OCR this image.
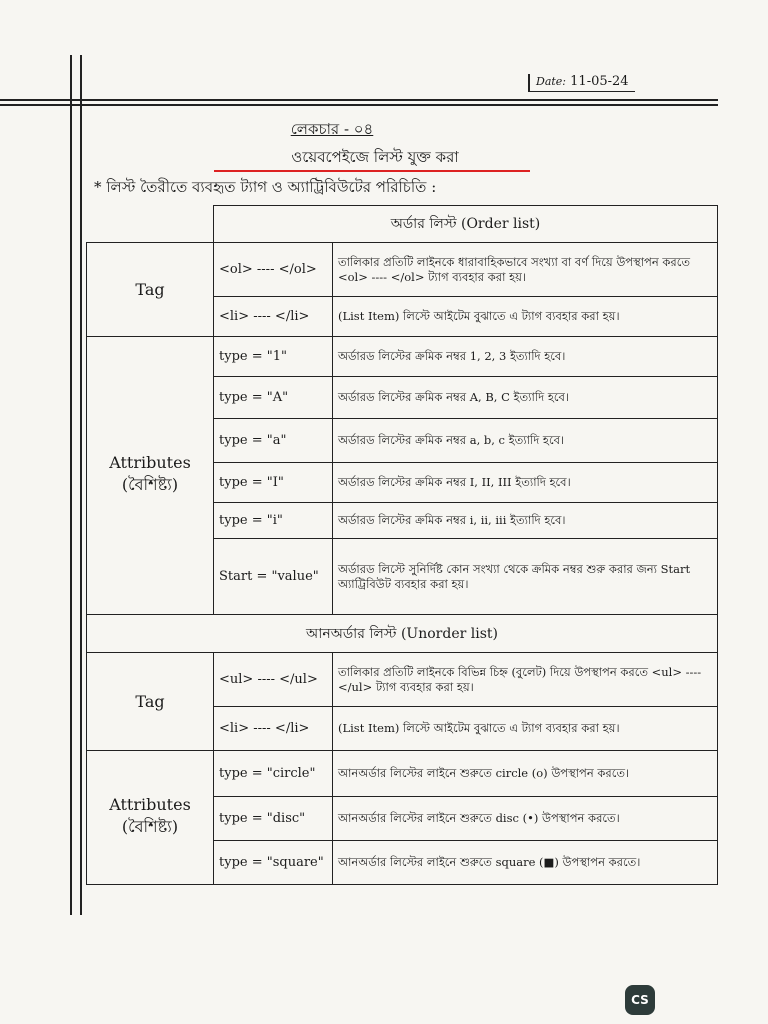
Date: 11-05-24
লেকচার - ০৪
ওয়েবপেইজে লিস্ট যুক্ত করা
* লিস্ট তৈরীতে ব্যবহৃত ট্যাগ ও অ্যাট্রিবিউটের পরিচিতি :
	অর্ডার লিস্ট (Order list)	
Tag	<ol> ---- </ol>	তালিকার প্রতিটি লাইনকে ধারাবাহিকভাবে সংখ্যা বা বর্ণ দিয়ে উপস্থাপন করতে <ol> ---- </ol> ট্যাগ ব্যবহার করা হয়।
	<li> ---- </li>	(List Item) লিস্টে আইটেম বুঝাতে এ ট্যাগ ব্যবহার করা হয়।
Attributes
(বৈশিষ্ট্য)	type = "1"	অর্ডারড লিস্টের ক্রমিক নম্বর 1, 2, 3 ইত্যাদি হবে।
	type = "A"	অর্ডারড লিস্টের ক্রমিক নম্বর A, B, C ইত্যাদি হবে।
	type = "a"	অর্ডারড লিস্টের ক্রমিক নম্বর a, b, c ইত্যাদি হবে।
	type = "I"	অর্ডারড লিস্টের ক্রমিক নম্বর I, II, III ইত্যাদি হবে।
	type = "i"	অর্ডারড লিস্টের ক্রমিক নম্বর i, ii, iii ইত্যাদি হবে।
	Start = "value"	অর্ডারড লিস্টে সুনির্দিষ্ট কোন সংখ্যা থেকে ক্রমিক নম্বর শুরু করার জন্য Start অ্যাট্রিবিউট ব্যবহার করা হয়।
আনঅর্ডার লিস্ট (Unorder list)		
Tag	<ul> ---- </ul>	তালিকার প্রতিটি লাইনকে বিভিন্ন চিহ্ন (বুলেট) দিয়ে উপস্থাপন করতে <ul> ---- </ul> ট্যাগ ব্যবহার করা হয়।
	<li> ---- </li>	(List Item) লিস্টে আইটেম বুঝাতে এ ট্যাগ ব্যবহার করা হয়।
Attributes
(বৈশিষ্ট্য)	type = "circle"	আনঅর্ডার লিস্টের লাইনে শুরুতে circle (o) উপস্থাপন করতে।
	type = "disc"	আনঅর্ডার লিস্টের লাইনে শুরুতে disc (•) উপস্থাপন করতে।
	type = "square"	আনঅর্ডার লিস্টের লাইনে শুরুতে square (■) উপস্থাপন করতে।
CS
